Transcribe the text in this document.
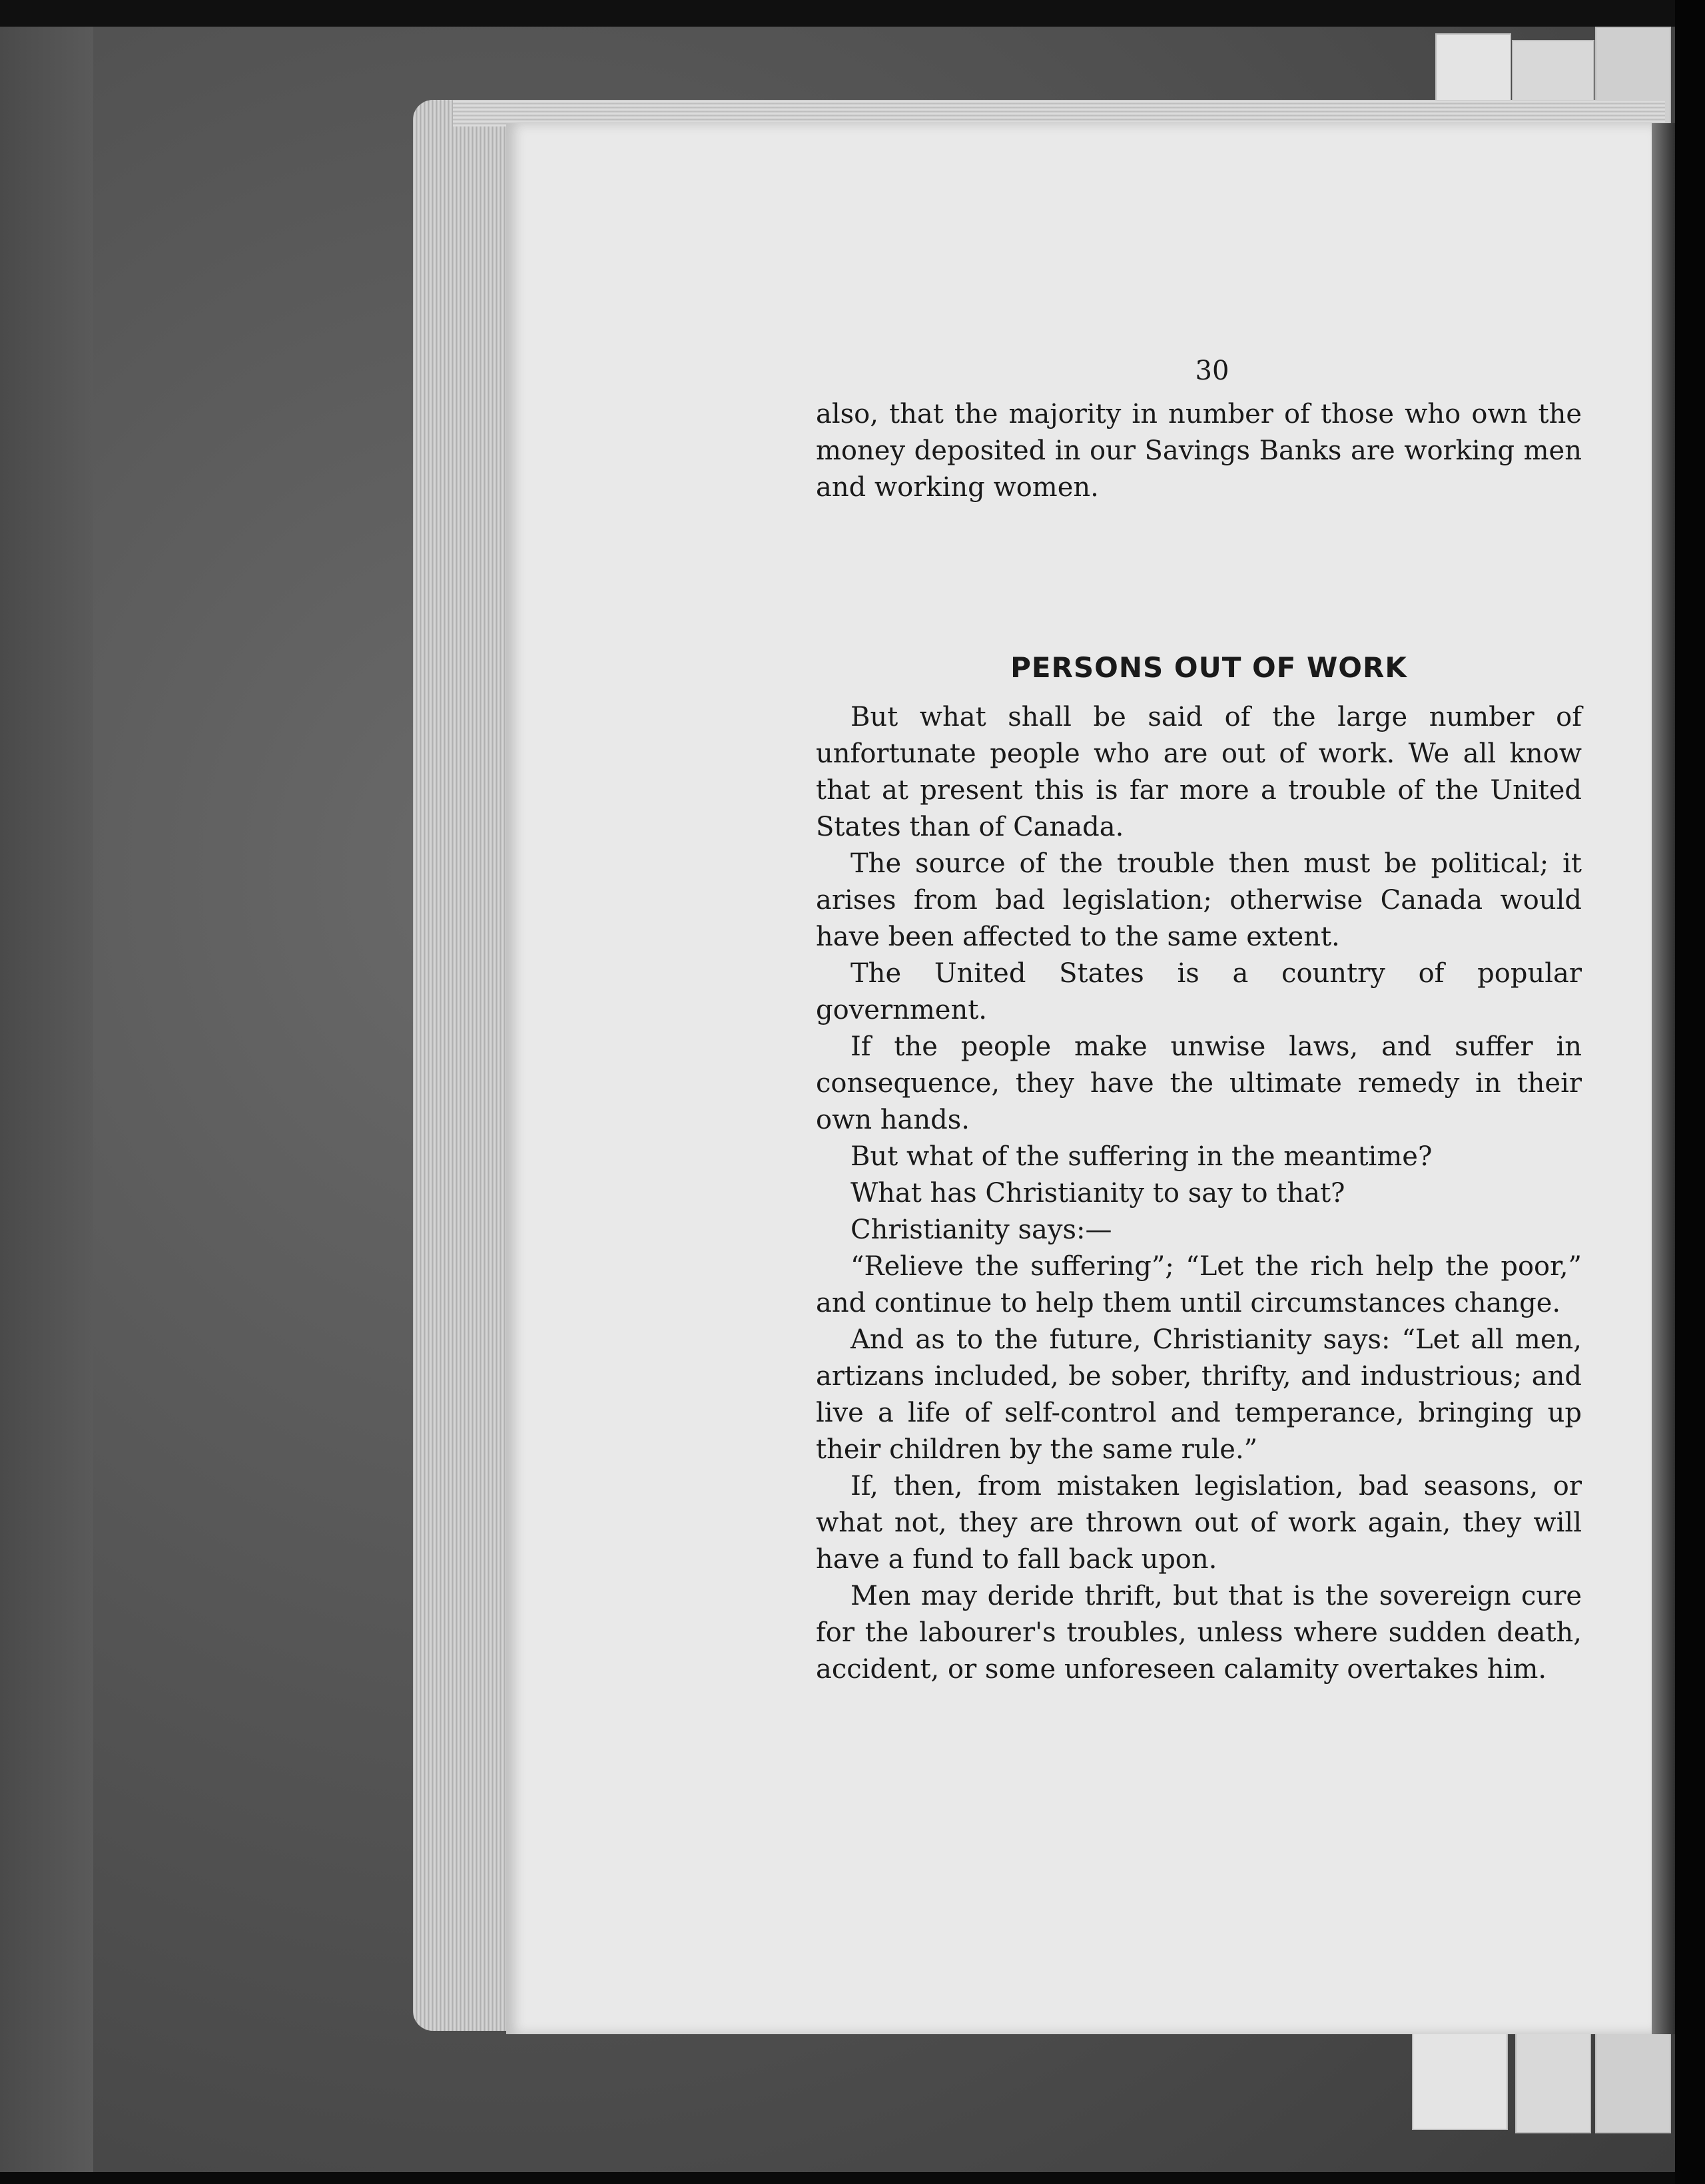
30

also, that the majority in number of those who own the money deposited in our Savings Banks are working men and working women.

PERSONS OUT OF WORK

But what shall be said of the large number of unfortunate people who are out of work. We all know that at present this is far more a trouble of the United States than of Canada.

The source of the trouble then must be political; it arises from bad legislation; otherwise Canada would have been affected to the same extent.

The United States is a country of popular government.

If the people make unwise laws, and suffer in consequence, they have the ultimate remedy in their own hands.

But what of the suffering in the meantime?

What has Christianity to say to that?

Christianity says:—

“Relieve the suffering”; “Let the rich help the poor,” and continue to help them until circumstances change.

And as to the future, Christianity says: “Let all men, artizans included, be sober, thrifty, and industrious; and live a life of self-control and temperance, bringing up their children by the same rule.”

If, then, from mistaken legislation, bad seasons, or what not, they are thrown out of work again, they will have a fund to fall back upon.

Men may deride thrift, but that is the sovereign cure for the labourer's troubles, unless where sudden death, accident, or some unforeseen calamity overtakes him.
